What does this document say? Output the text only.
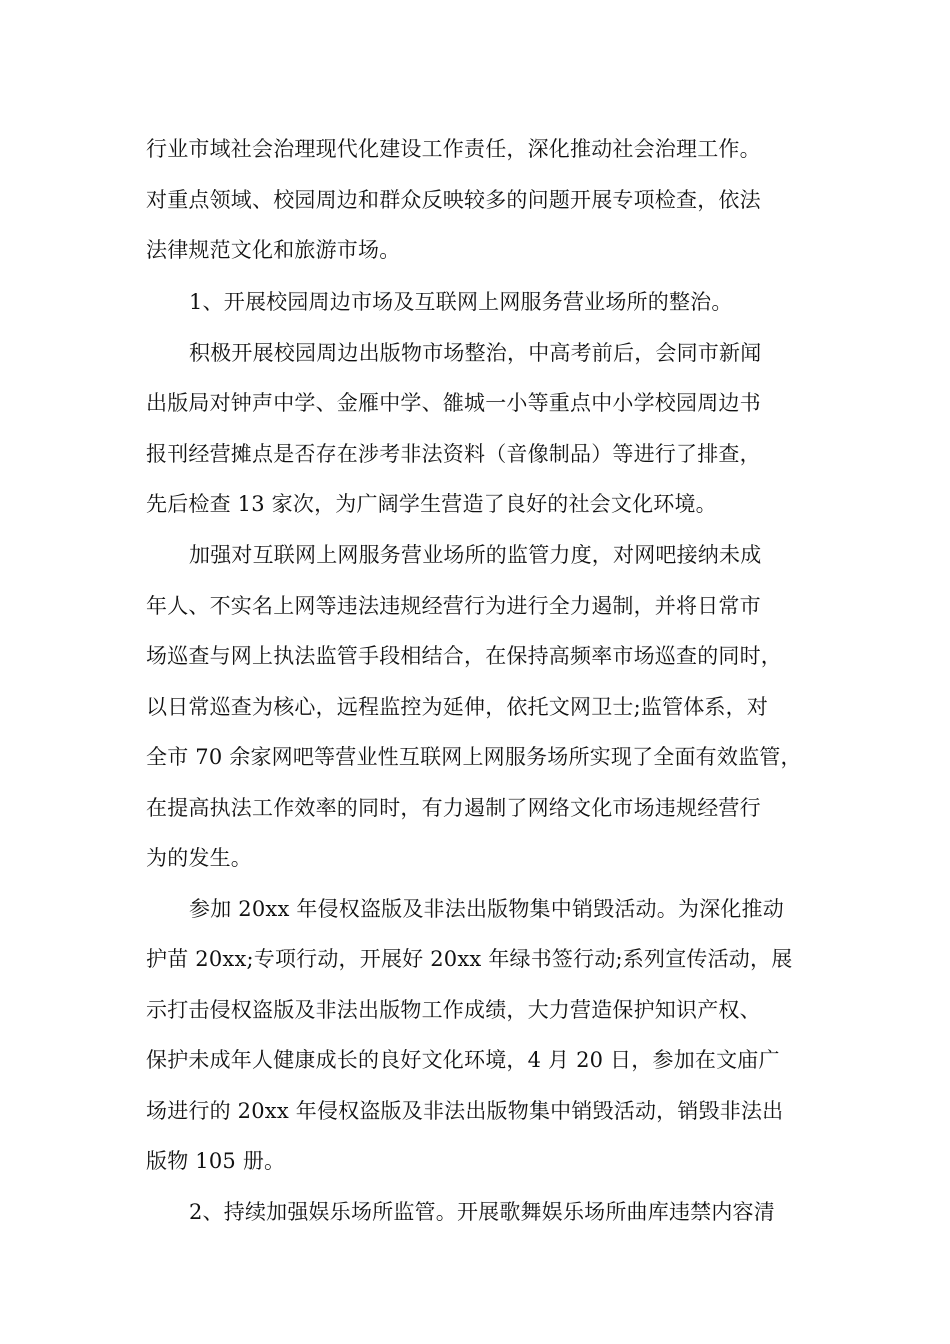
行业市域社会治理现代化建设工作责任，深化推动社会治理工作。
对重点领域、校园周边和群众反映较多的问题开展专项检查，依法
法律规范文化和旅游市场。
1、开展校园周边市场及互联网上网服务营业场所的整治。
积极开展校园周边出版物市场整治，中高考前后，会同市新闻
出版局对钟声中学、金雁中学、雒城一小等重点中小学校园周边书
报刊经营摊点是否存在涉考非法资料（音像制品）等进行了排查，
先后检查 13 家次，为广阔学生营造了良好的社会文化环境。
加强对互联网上网服务营业场所的监管力度，对网吧接纳未成
年人、不实名上网等违法违规经营行为进行全力遏制，并将日常市
场巡查与网上执法监管手段相结合，在保持高频率市场巡查的同时，
以日常巡查为核心，远程监控为延伸，依托文网卫士;监管体系，对
全市 70 余家网吧等营业性互联网上网服务场所实现了全面有效监管，
在提高执法工作效率的同时，有力遏制了网络文化市场违规经营行
为的发生。
参加 20xx 年侵权盗版及非法出版物集中销毁活动。为深化推动
护苗 20xx;专项行动，开展好 20xx 年绿书签行动;系列宣传活动，展
示打击侵权盗版及非法出版物工作成绩，大力营造保护知识产权、
保护未成年人健康成长的良好文化环境，4 月 20 日，参加在文庙广
场进行的 20xx 年侵权盗版及非法出版物集中销毁活动，销毁非法出
版物 105 册。
2、持续加强娱乐场所监管。开展歌舞娱乐场所曲库违禁内容清
